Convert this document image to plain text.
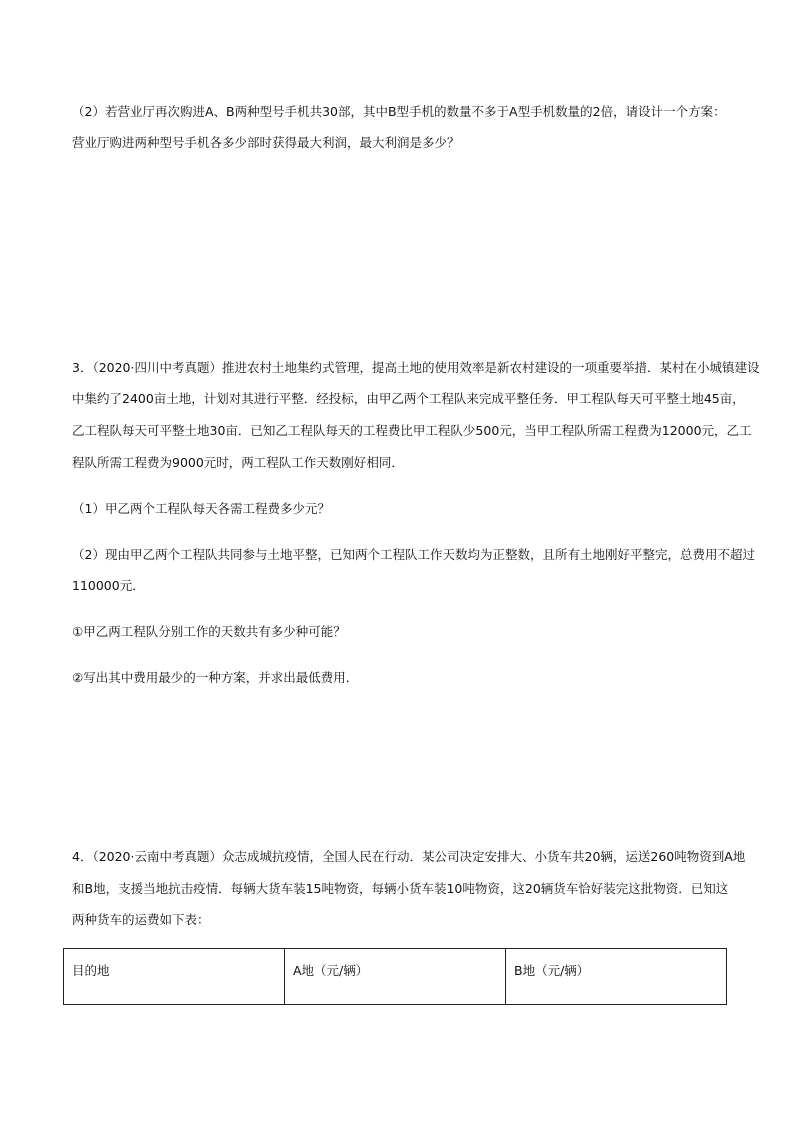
（2）若营业厅再次购进A、B两种型号手机共30部，其中B型手机的数量不多于A型手机数量的2倍，请设计一个方案：
营业厅购进两种型号手机各多少部时获得最大利润，最大利润是多少？
3．（2020·四川中考真题）推进农村土地集约式管理，提高土地的使用效率是新农村建设的一项重要举措．某村在小城镇建设
中集约了2400亩土地，计划对其进行平整．经投标，由甲乙两个工程队来完成平整任务．甲工程队每天可平整土地45亩，
乙工程队每天可平整土地30亩．已知乙工程队每天的工程费比甲工程队少500元，当甲工程队所需工程费为12000元，乙工
程队所需工程费为9000元时，两工程队工作天数刚好相同．
（1）甲乙两个工程队每天各需工程费多少元？
（2）现由甲乙两个工程队共同参与土地平整，已知两个工程队工作天数均为正整数，且所有土地刚好平整完，总费用不超过
110000元．
①甲乙两工程队分别工作的天数共有多少种可能？
②写出其中费用最少的一种方案，并求出最低费用．
4．（2020·云南中考真题）众志成城抗疫情，全国人民在行动．某公司决定安排大、小货车共20辆，运送260吨物资到A地
和B地，支援当地抗击疫情．每辆大货车装15吨物资，每辆小货车装10吨物资，这20辆货车恰好装完这批物资．已知这
两种货车的运费如下表：
目的地	A地（元/辆）	B地（元/辆）
